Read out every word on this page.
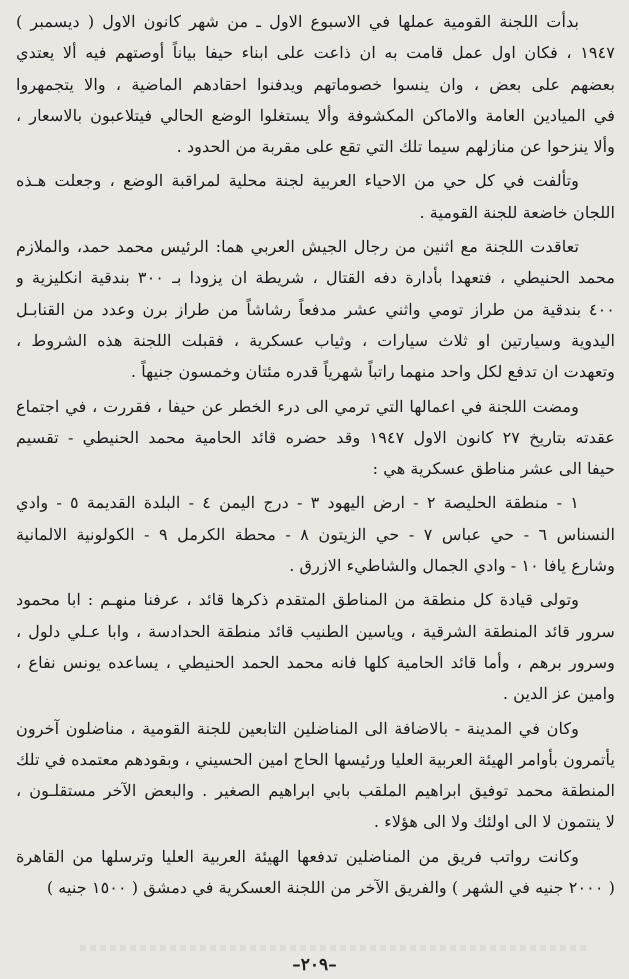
بدأت اللجنة القومية عملها في الاسبوع الاول ـ من شهر كانون الاول ( ديسمبر )
١٩٤٧ ، فكان اول عمل قامت به ان ذاعت على ابناء حيفا بياناً أوصتهم فيه ألا يعتدي
بعضهم على بعض ، وان ينسوا خصوماتهم ويدفنوا احقادهم الماضية ، والا يتجمهروا
في الميادين العامة والاماكن المكشوفة وألا يستغلوا الوضع الحالي فيتلاعبون بالاسعار ،
وألا ينزحوا عن منازلهم سيما تلك التي تقع على مقربة من الحدود .

وتألفت في كل حي من الاحياء العربية لجنة محلية لمراقبة الوضع ، وجعلت هـذه
اللجان خاضعة للجنة القومية .

تعاقدت اللجنة مع اثنين من رجال الجيش العربي هما: الرئيس محمد حمد، والملازم
محمد الحنيطي ، فتعهدا بأدارة دفه القتال ، شريطة ان يزودا بـ ٣٠٠ بندقية انكليزية و
٤٠٠ بندقية من طراز تومي واثني عشر مدفعاً رشاشاً من طراز برن وعدد من القنابـل
اليدوية وسيارتين او ثلاث سيارات ، وثياب عسكرية ، فقبلت اللجنة هذه الشروط ،
وتعهدت ان تدفع لكل واحد منهما راتباً شهرياً قدره مئتان وخمسون جنيهاً .

ومضت اللجنة في اعمالها التي ترمي الى درء الخطر عن حيفا ، فقررت ، في اجتماع
عقدته بتاريخ ٢٧ كانون الاول ١٩٤٧ وقد حضره قائد الحامية محمد الحنيطي - تقسيم
حيفا الى عشر مناطق عسكرية هي :

١ - منطقة الحليصة ٢ - ارض اليهود ٣ - درج اليمن ٤ - البلدة القديمة ٥ - وادي
النسناس ٦ - حي عباس ٧ - حي الزيتون ٨ - محطة الكرمل ٩ - الكولونية الالمانية
وشارع يافا ١٠ - وادي الجمال والشاطيء الازرق .

وتولى قيادة كل منطقة من المناطق المتقدم ذكرها قائد ، عرفنا منهـم : ابا محمود
سرور قائد المنطقة الشرقية ، وياسين الطنيب قائد منطقة الحدادسة ، وابا عـلي دلول ،
وسرور برهم ، وأما قائد الحامية كلها فانه محمد الحمد الحنيطي ، يساعده يونس نفاع ،
وامين عز الدين .

وكان في المدينة - بالاضافة الى المناضلين التابعين للجنة القومية ، مناضلون آخرون
يأتمرون بأوامر الهيئة العربية العليا ورئيسها الحاج امين الحسيني ، وبقودهم معتمده في تلك
المنطقة محمد توفيق ابراهيم الملقب بابي ابراهيم الصغير . والبعض الآخر مستقلـون ،
لا ينتمون لا الى اولئك ولا الى هؤلاء .

وكانت رواتب فريق من المناضلين تدفعها الهيئة العربية العليا وترسلها من القاهرة
( ٢٠٠٠ جنيه في الشهر ) والفريق الآخر من اللجنة العسكرية في دمشق ( ١٥٠٠ جنيه )

–٢٠٩–
